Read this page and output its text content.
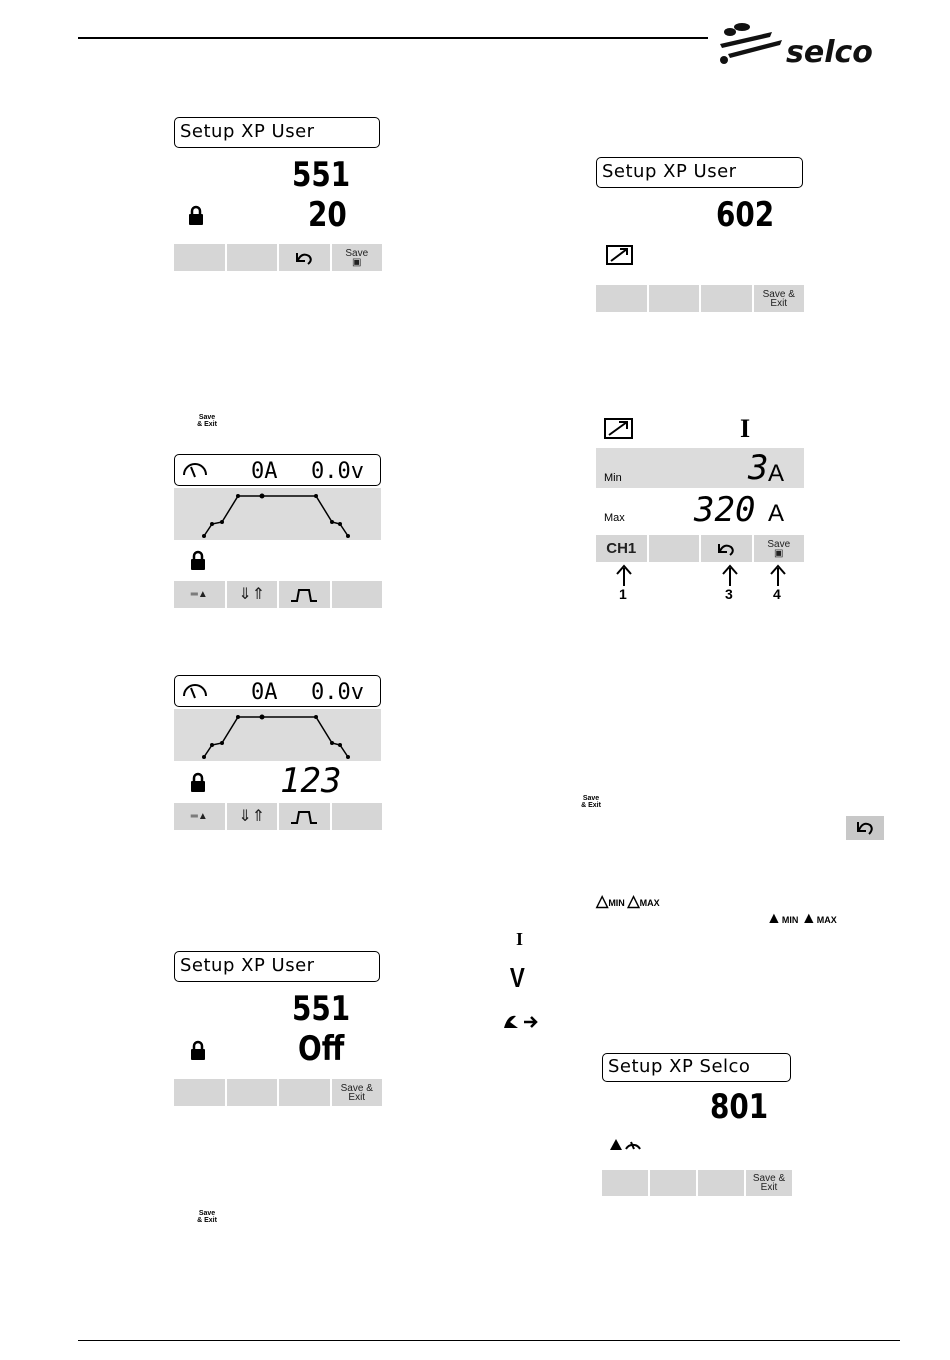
selco
Setup XP User
551
20
Save
▣
Setup XP User
602
Save & Exit
Save & Exit
0A 0.0v
═▲ ⇓⇑
I
Min	3 A
Max 320 A
CH1	Save
▣
1	3	4
0A 0.0v
123
═▲ ⇓⇑
Save & Exit
△MIN △MAX
▲MIN ▲MAX
I
V
Setup XP User
551
Off
Save & Exit
Setup XP Selco
801
Save & Exit
Save & Exit
